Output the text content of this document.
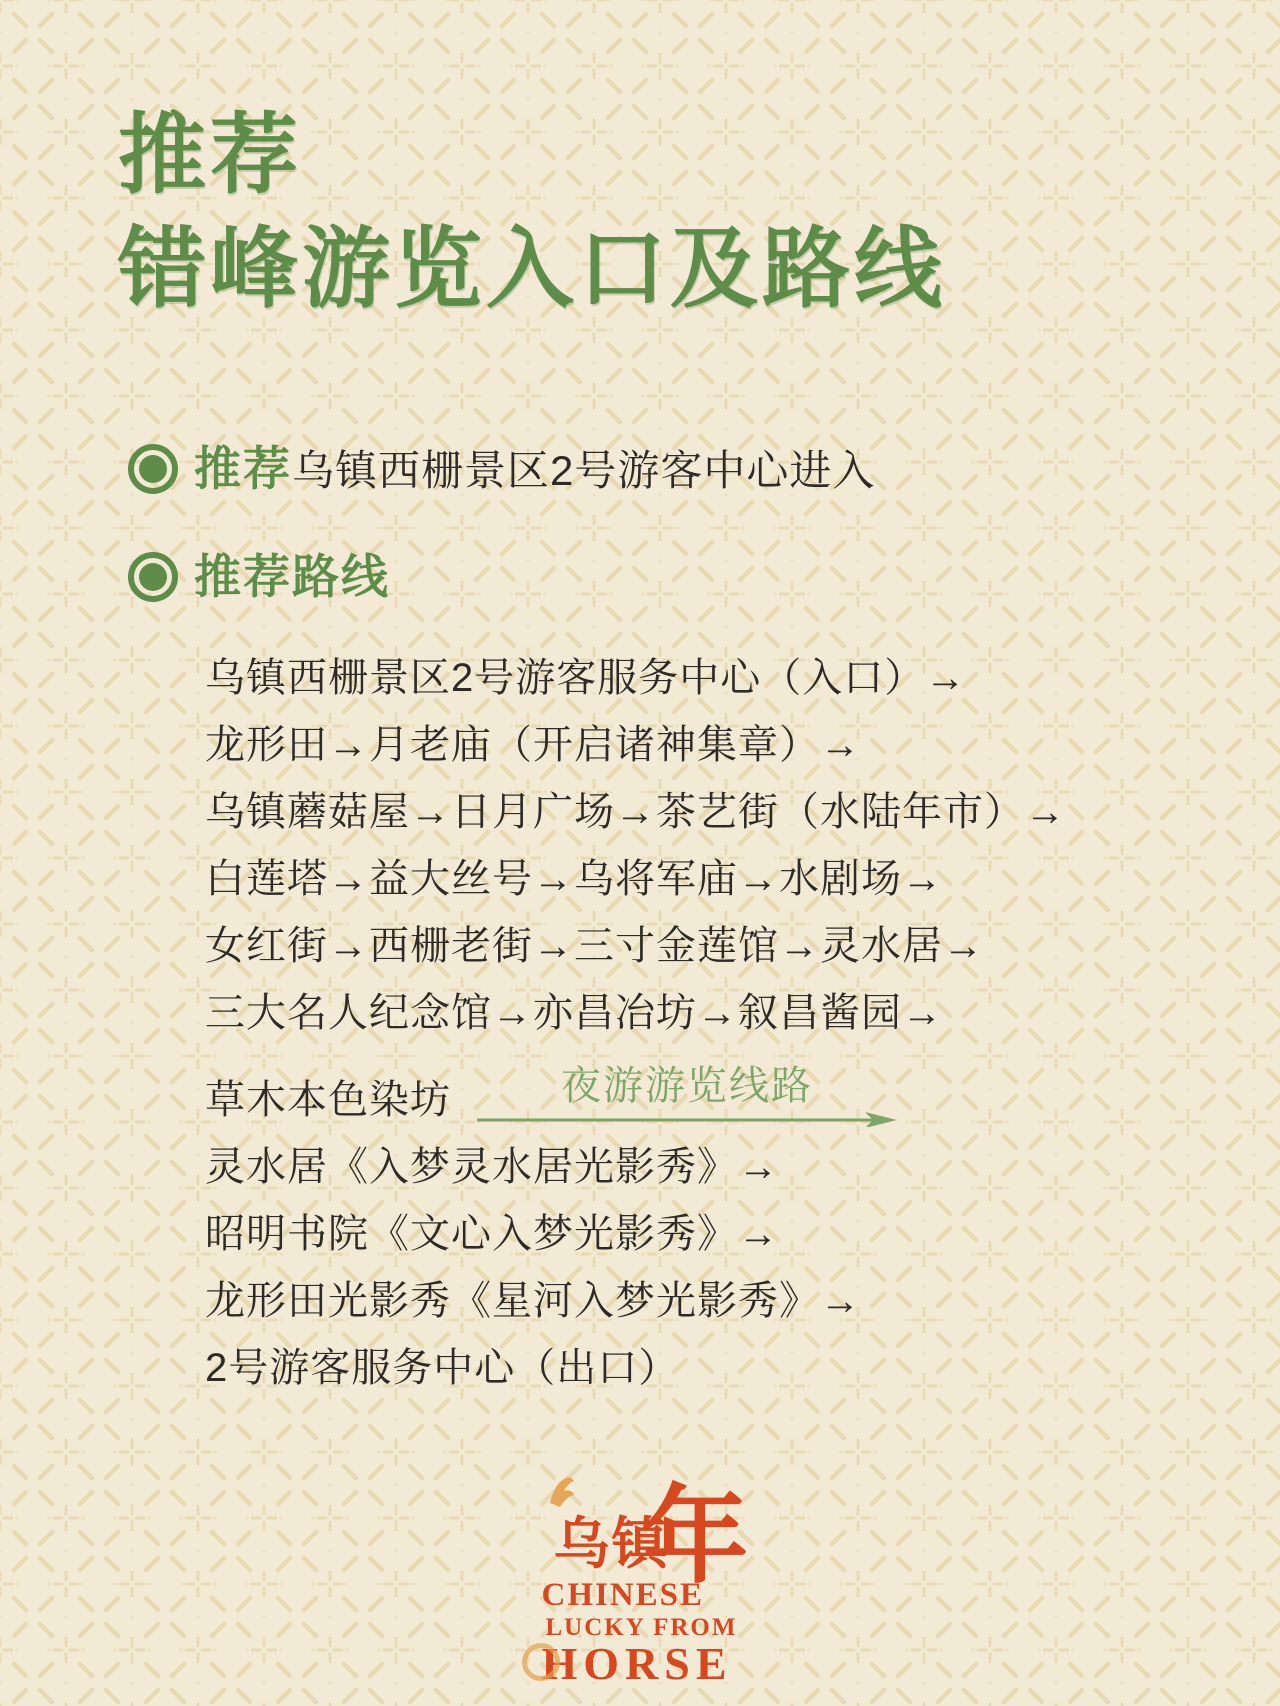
推荐
错峰游览入口及路线
推荐乌镇西栅景区2号游客中心进入
推荐路线
乌镇西栅景区2号游客服务中心（入口）→
龙形田→月老庙（开启诸神集章）→
乌镇蘑菇屋→日月广场→茶艺街（水陆年市）→
白莲塔→益大丝号→乌将军庙→水剧场→
女红街→西栅老街→三寸金莲馆→灵水居→
三大名人纪念馆→亦昌冶坊→叙昌酱园→
草木本色染坊	夜游游览线路
灵水居《入梦灵水居光影秀》→
昭明书院《文心入梦光影秀》→
龙形田光影秀《星河入梦光影秀》→
2号游客服务中心（出口）
乌镇
年
CHINESE
LUCKY FROM
HORSE
